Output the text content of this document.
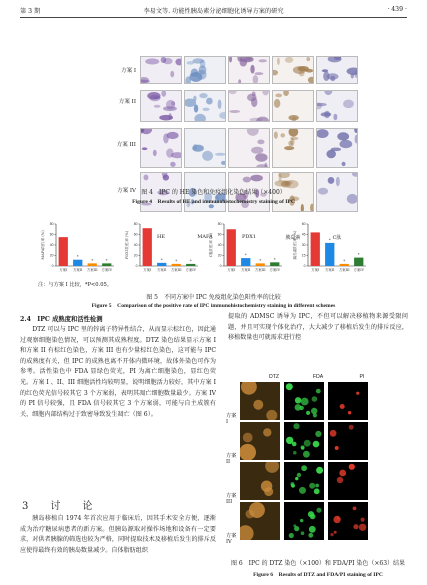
第 3 期	李易文等. 功能性胰岛素分泌细胞化诱导方案的研究	· 439 ·
方案 I
方案 II
方案 III
方案 IV
HE	MAFA	PDX1	胰岛素	C肽
图 4　IPC 的 HE 染色和免疫组化染色结果（×400）
Figure 4　Results of HE and immunohistochemistry staining of IPC
0
20
40
60
80
MAFA阳性率 (%)
方案I 方案II
*
方案III
*
方案IV
*
0
20
40
60
80
PDX1阳性率 (%)
方案I 方案II
*
方案III
*
方案IV
*
0
20
40
60
80
C肽阳性率 (%)
方案I 方案II
*
方案III
*
方案IV
*
0
15
30
45
60
胰岛素阳性率 (%)
方案I 方案II
*
方案III
*
方案IV
*
注：与方案 I 比较，*P<0.05。
图 5　不同方案中 IPC 免疫组化染色阳性率的比较
Figure 5　Comparison of the positive rate of IPC immunohistochemistry staining in different schemes
2.4　IPC 成熟度和活性检测

DTZ 可以与 IPC 里的锌离子特异性结合，从而显示棕红色，因此通过观察细胞染色情况，可以预测其成熟程度。DTZ 染色结果显示方案 I 和方案 II 有棕红色染色，方案 III 也有少量棕红色染色，这可能与 IPC 的成熟度有关，但 IPC 的成熟也离不开体内微环境，故体外染色可作为参考。活性染色中 FDA 显绿色荧光，PI 为离亡细胞染色，显红色荧光。方案 I 、II、III 细胞活性均较明显，说明细胞活力较好，其中方案 I 的红色荧光信号较其它 3 个方案弱，表明其凋亡细胞数量最少。方案 IV 的 PI 信号较强，且 FDA 信号较其它 3 个方案弱，可能与自主成簇有关，细胞内部结构过于致密导致发生凋亡（图 6）。

3　讨　论

胰岛移植自 1974 年首次应用于临床后，因其手术安全方便，逐渐成为治疗糖尿病患者的新方案。但胰岛源取对操作场地和设备有一定要求，对供者胰腺的筛选也较为严格，同时提取技术及移植后发生的排斥反应使得最终有效的胰岛数量减少。自体脂肪组织

提取的 ADMSC 诱导为 IPC，不但可以解决移植物来源受限问题，并且可实现个体化治疗，大大减少了移植后发生的排斥反应，移植数量也可就需求进行控

DTZ	FDA	PI
方案 I
方案 II
方案 III
方案 IV
图 6　IPC 的 DTZ 染色（×100）和 FDA/PI 染色（×63）结果
Figure 6　Results of DTZ and FDA/PI staining of IPC
